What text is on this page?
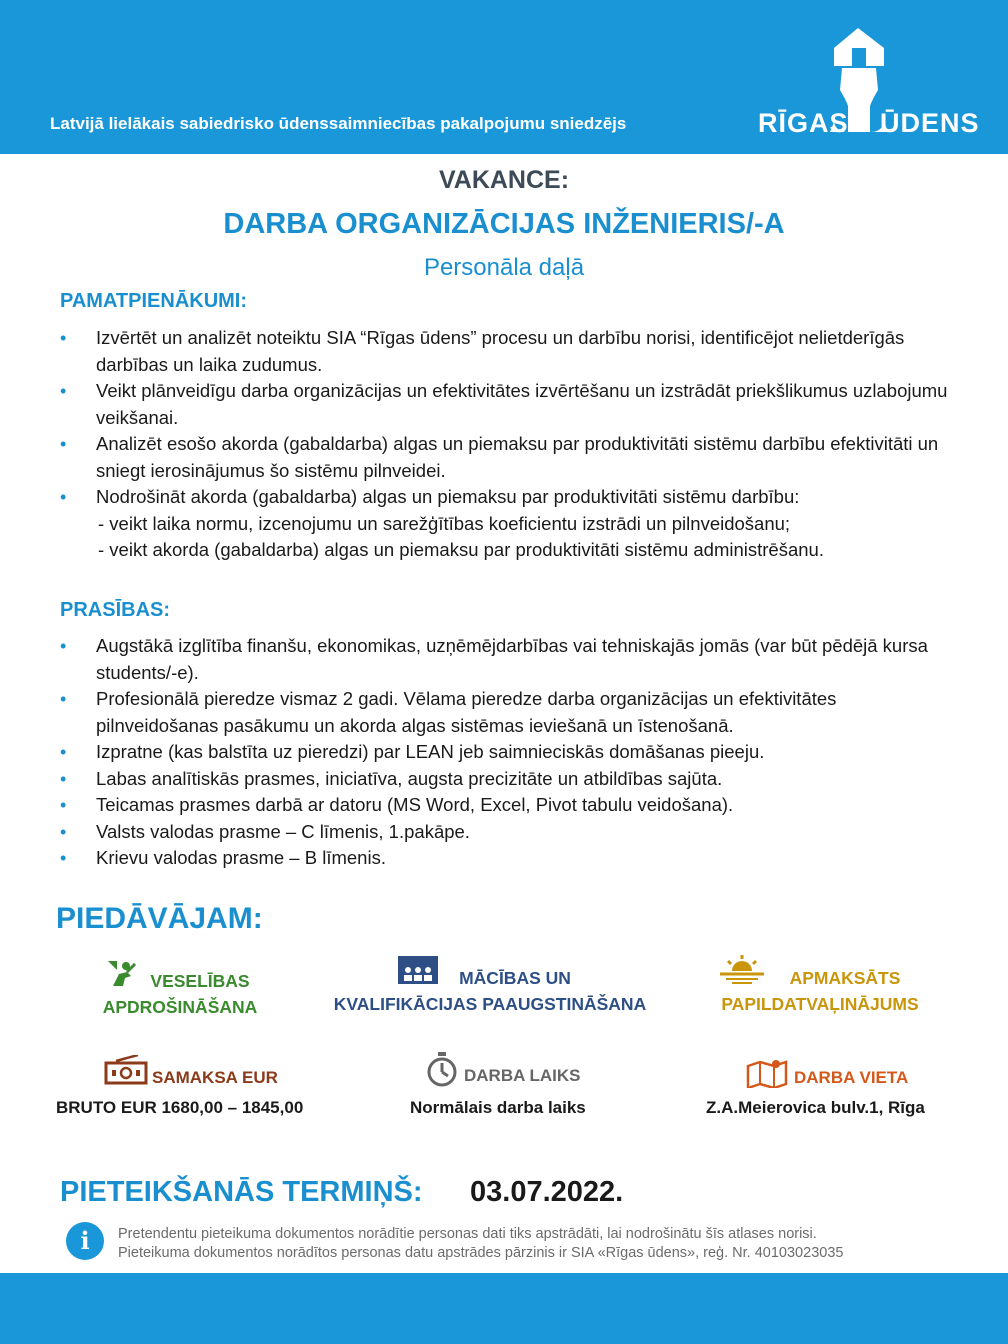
Latvijā lielākais sabiedrisko ūdenssaimniecības pakalpojumu sniedzējs	RĪGAS ŪDENS
VAKANCE:
DARBA ORGANIZĀCIJAS INŽENIERIS/-A
Personāla daļā
PAMATPIENĀKUMI:
• Izvērtēt un analizēt noteiktu SIA “Rīgas ūdens” procesu un darbību norisi, identificējot nelietderīgās darbības un laika zudumus.
• Veikt plānveidīgu darba organizācijas un efektivitātes izvērtēšanu un izstrādāt priekšlikumus uzlabojumu veikšanai.
• Analizēt esošo akorda (gabaldarba) algas un piemaksu par produktivitāti sistēmu darbību efektivitāti un sniegt ierosinājumus šo sistēmu pilnveidei.
• Nodrošināt akorda (gabaldarba) algas un piemaksu par produktivitāti sistēmu darbību:
- veikt laika normu, izcenojumu un sarežģītības koeficientu izstrādi un pilnveidošanu;
- veikt akorda (gabaldarba) algas un piemaksu par produktivitāti sistēmu administrēšanu.
PRASĪBAS:
• Augstākā izglītība finanšu, ekonomikas, uzņēmējdarbības vai tehniskajās jomās (var būt pēdējā kursa students/-e).
• Profesionālā pieredze vismaz 2 gadi. Vēlama pieredze darba organizācijas un efektivitātes pilnveidošanas pasākumu un akorda algas sistēmas ieviešanā un īstenošanā.
• Izpratne (kas balstīta uz pieredzi) par LEAN jeb saimnieciskās domāšanas pieeju.
• Labas analītiskās prasmes, iniciatīva, augsta precizitāte un atbildības sajūta.
• Teicamas prasmes darbā ar datoru (MS Word, Excel, Pivot tabulu veidošana).
• Valsts valodas prasme – C līmenis, 1.pakāpe.
• Krievu valodas prasme – B līmenis.
PIEDĀVĀJAM:
VESELĪBAS
APDROŠINĀŠANA
MĀCĪBAS UN
KVALIFIKĀCIJAS PAAUGSTINĀŠANA
APMAKSĀTS
PAPILDATVAĻINĀJUMS
SAMAKSA EUR
BRUTO EUR 1680,00 – 1845,00
DARBA LAIKS
Normālais darba laiks
DARBA VIETA
Z.A.Meierovica bulv.1, Rīga
PIETEIKŠANĀS TERMIŅŠ: 03.07.2022.
i	Pretendentu pieteikuma dokumentos norādītie personas dati tiks apstrādāti, lai nodrošinātu šīs atlases norisi.
Pieteikuma dokumentos norādītos personas datu apstrādes pārzinis ir SIA «Rīgas ūdens», reģ. Nr. 40103023035
